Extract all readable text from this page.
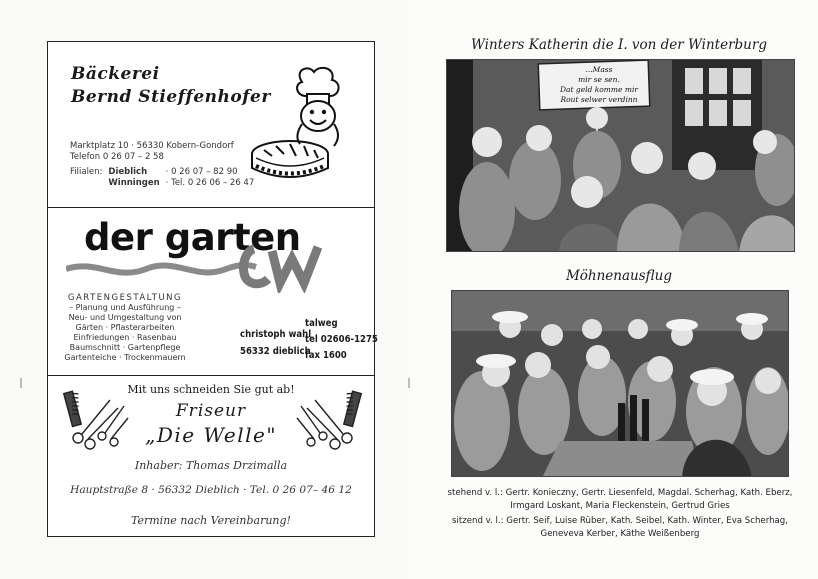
Bäckerei
Bernd Stieffenhofer
Marktplatz 10 · 56330 Kobern-Gondorf
Telefon 0 26 07 – 2 58
Filialen:	Dieblich	· 0 26 07 – 82 90
	Winningen	· Tel. 0 26 06 – 26 47
der garten
GARTENGESTALTUNG
– Planung und Ausführung –
Neu- und Umgestaltung von
Gärten · Pflasterarbeiten
Einfriedungen · Rasenbau
Baumschnitt · Gartenpflege
Gartenteiche · Trockenmauern
christoph wahl
56332 dieblich
talweg
tel 02606-1275
fax 1600
Mit uns schneiden Sie gut ab!
Friseur
„Die Welle"
Inhaber: Thomas Drzimalla
Hauptstraße 8 · 56332 Dieblich · Tel. 0 26 07– 46 12
Termine nach Vereinbarung!
Winters Katherin die I. von der Winterburg
...Mass
mir se sen.
Dat geld komme mir
Rout selwer verdinn
Möhnenausflug
stehend v. l.: Gertr. Konieczny, Gertr. Liesenfeld, Magdal. Scherhag, Kath. Eberz, Irmgard Loskant, Maria Fleckenstein, Gertrud Gries
sitzend v. l.: Gertr. Seif, Luise Rüber, Kath. Seibel, Kath. Winter, Eva Scherhag, Geneveva Kerber, Käthe Weißenberg
